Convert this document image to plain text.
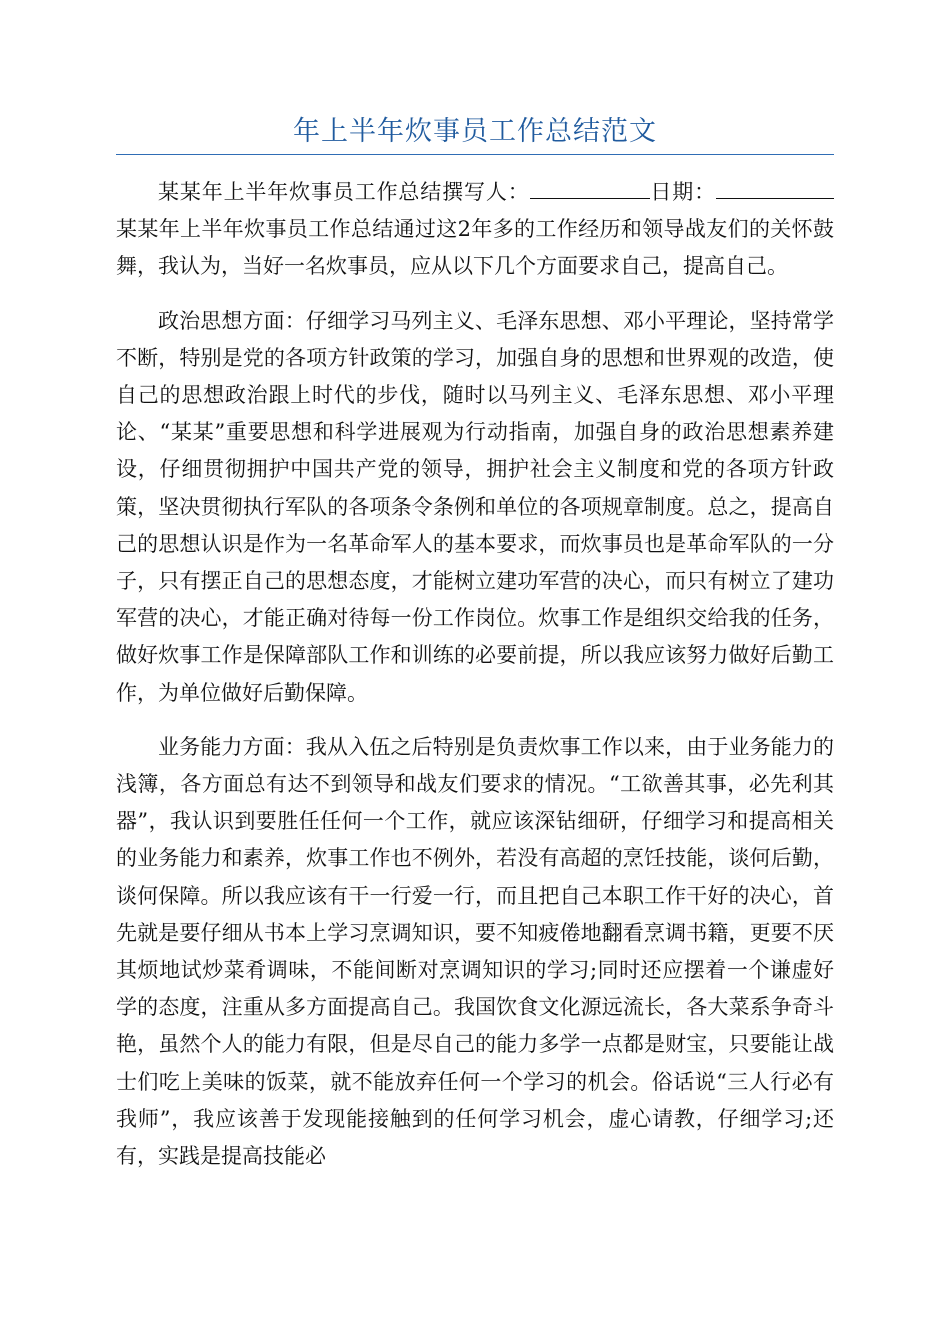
年上半年炊事员工作总结范文

某某年上半年炊事员工作总结撰写人：	日期：某某年上半年炊事员工作总结通过这2年多的工作经历和领导战友们的关怀鼓舞，我认为，当好一名炊事员，应从以下几个方面要求自己，提高自己。

政治思想方面：仔细学习马列主义、毛泽东思想、邓小平理论，坚持常学不断，特别是党的各项方针政策的学习，加强自身的思想和世界观的改造，使自己的思想政治跟上时代的步伐，随时以马列主义、毛泽东思想、邓小平理论、“某某”重要思想和科学进展观为行动指南，加强自身的政治思想素养建设，仔细贯彻拥护中国共产党的领导，拥护社会主义制度和党的各项方针政策，坚决贯彻执行军队的各项条令条例和单位的各项规章制度。总之，提高自己的思想认识是作为一名革命军人的基本要求，而炊事员也是革命军队的一分子，只有摆正自己的思想态度，才能树立建功军营的决心，而只有树立了建功军营的决心，才能正确对待每一份工作岗位。炊事工作是组织交给我的任务，做好炊事工作是保障部队工作和训练的必要前提，所以我应该努力做好后勤工作，为单位做好后勤保障。

业务能力方面：我从入伍之后特别是负责炊事工作以来，由于业务能力的浅簿，各方面总有达不到领导和战友们要求的情况。“工欲善其事，必先利其器”，我认识到要胜任任何一个工作，就应该深钻细研，仔细学习和提高相关的业务能力和素养，炊事工作也不例外，若没有高超的烹饪技能，谈何后勤，谈何保障。所以我应该有干一行爱一行，而且把自己本职工作干好的决心，首先就是要仔细从书本上学习烹调知识，要不知疲倦地翻看烹调书籍，更要不厌其烦地试炒菜肴调味，不能间断对烹调知识的学习;同时还应摆着一个谦虚好学的态度，注重从多方面提高自己。我国饮食文化源远流长，各大菜系争奇斗艳，虽然个人的能力有限，但是尽自己的能力多学一点都是财宝，只要能让战士们吃上美味的饭菜，就不能放弃任何一个学习的机会。俗话说“三人行必有我师”，我应该善于发现能接触到的任何学习机会，虚心请教，仔细学习;还有，实践是提高技能必
